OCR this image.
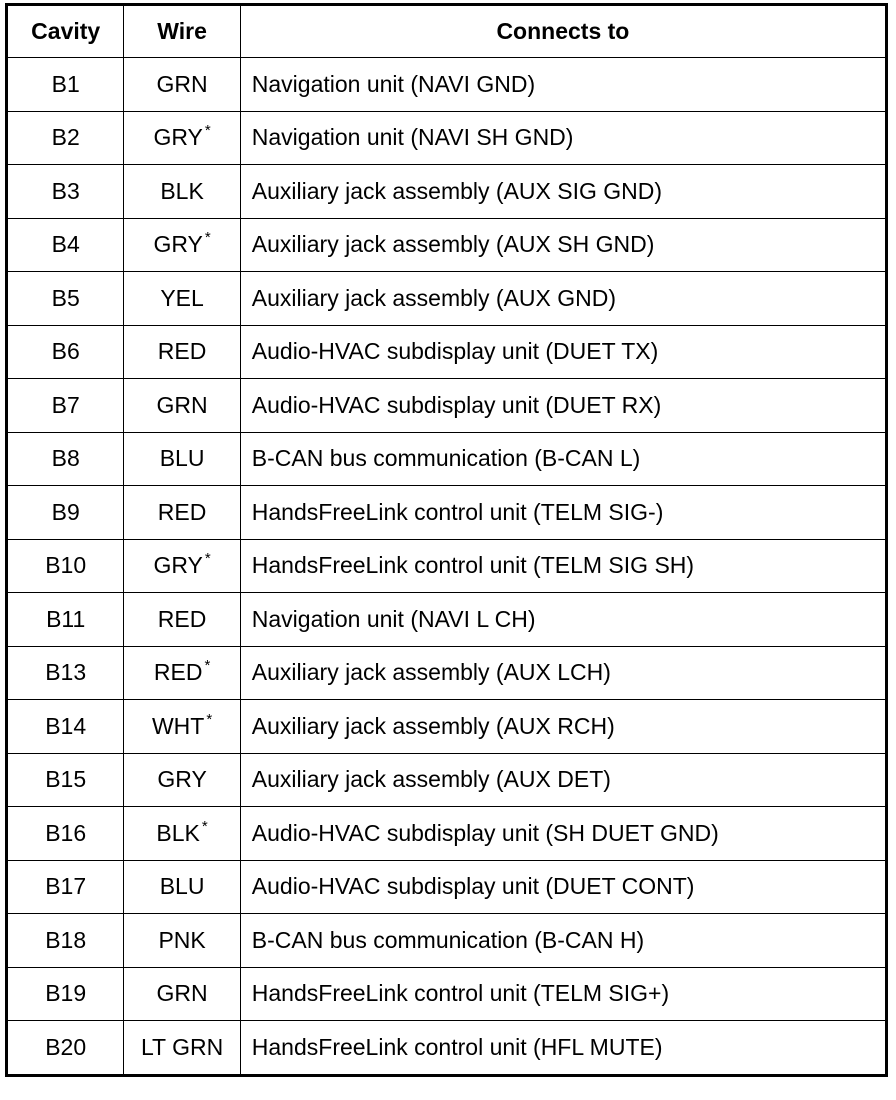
Cavity	Wire	Connects to
B1	GRN	Navigation unit (NAVI GND)
B2	GRY *	Navigation unit (NAVI SH GND)
B3	BLK	Auxiliary jack assembly (AUX SIG GND)
B4	GRY *	Auxiliary jack assembly (AUX SH GND)
B5	YEL	Auxiliary jack assembly (AUX GND)
B6	RED	Audio-HVAC subdisplay unit (DUET TX)
B7	GRN	Audio-HVAC subdisplay unit (DUET RX)
B8	BLU	B-CAN bus communication (B-CAN L)
B9	RED	HandsFreeLink control unit (TELM SIG-)
B10	GRY *	HandsFreeLink control unit (TELM SIG SH)
B11	RED	Navigation unit (NAVI L CH)
B13	RED *	Auxiliary jack assembly (AUX LCH)
B14	WHT *	Auxiliary jack assembly (AUX RCH)
B15	GRY	Auxiliary jack assembly (AUX DET)
B16	BLK *	Audio-HVAC subdisplay unit (SH DUET GND)
B17	BLU	Audio-HVAC subdisplay unit (DUET CONT)
B18	PNK	B-CAN bus communication (B-CAN H)
B19	GRN	HandsFreeLink control unit (TELM SIG+)
B20	LT GRN	HandsFreeLink control unit (HFL MUTE)
